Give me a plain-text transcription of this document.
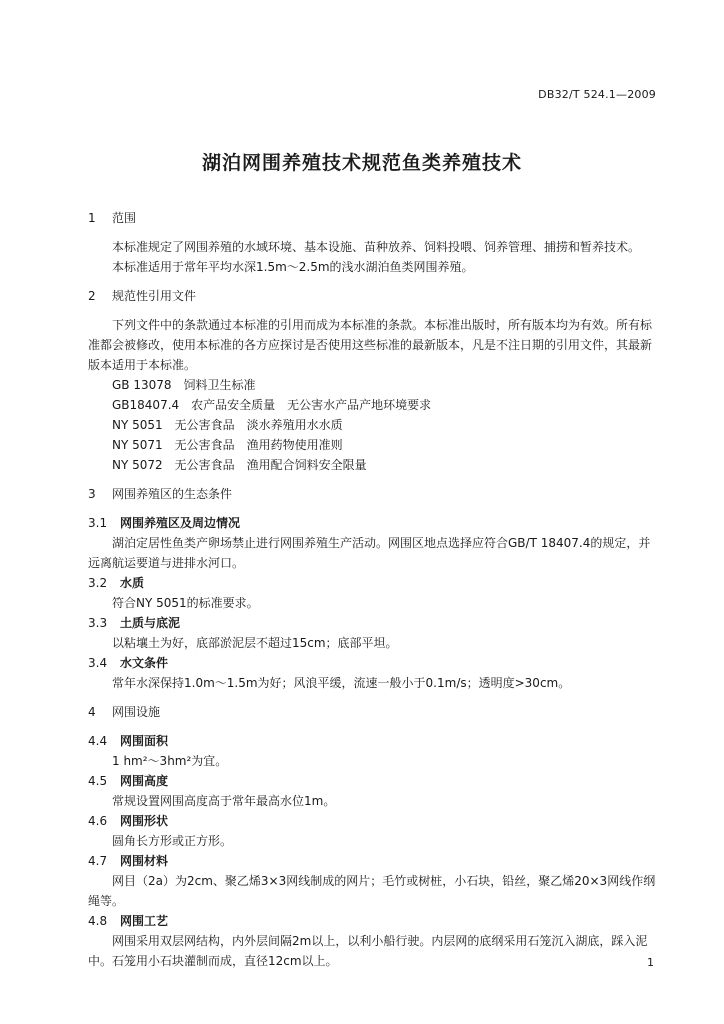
DB32/T 524.1—2009
湖泊网围养殖技术规范鱼类养殖技术
1	范围

本标准规定了网围养殖的水域环境、基本设施、苗种放养、饲料投喂、饲养管理、捕捞和暂养技术。

本标准适用于常年平均水深1.5m～2.5m的浅水湖泊鱼类网围养殖。

2	规范性引用文件

下列文件中的条款通过本标准的引用而成为本标准的条款。本标准出版时，所有版本均为有效。所有标准都会被修改，使用本标准的各方应探讨是否使用这些标准的最新版本，凡是不注日期的引用文件，其最新版本适用于本标准。

GB 13078　饲料卫生标准

GB18407.4　农产品安全质量　无公害水产品产地环境要求

NY 5051　无公害食品　淡水养殖用水水质

NY 5071　无公害食品　渔用药物使用准则

NY 5072　无公害食品　渔用配合饲料安全限量

3	网围养殖区的生态条件
3.1	网围养殖区及周边情况

湖泊定居性鱼类产卵场禁止进行网围养殖生产活动。网围区地点选择应符合GB/T 18407.4的规定，并远离航运要道与进排水河口。

3.2	水质

符合NY 5051的标准要求。

3.3	土质与底泥

以粘壤土为好，底部淤泥层不超过15cm；底部平坦。

3.4	水文条件

常年水深保持1.0m～1.5m为好；风浪平缓，流速一般小于0.1m/s；透明度>30cm。

4	网围设施
4.4	网围面积

1 hm²～3hm²为宜。

4.5	网围高度

常规设置网围高度高于常年最高水位1m。

4.6	网围形状

圆角长方形或正方形。

4.7	网围材料

网目（2a）为2cm、聚乙烯3×3网线制成的网片；毛竹或树桩，小石块，铅丝，聚乙烯20×3网线作纲绳等。

4.8	网围工艺

网围采用双层网结构，内外层间隔2m以上，以利小船行驶。内层网的底纲采用石笼沉入湖底，踩入泥中。石笼用小石块灌制而成，直径12cm以上。	1
